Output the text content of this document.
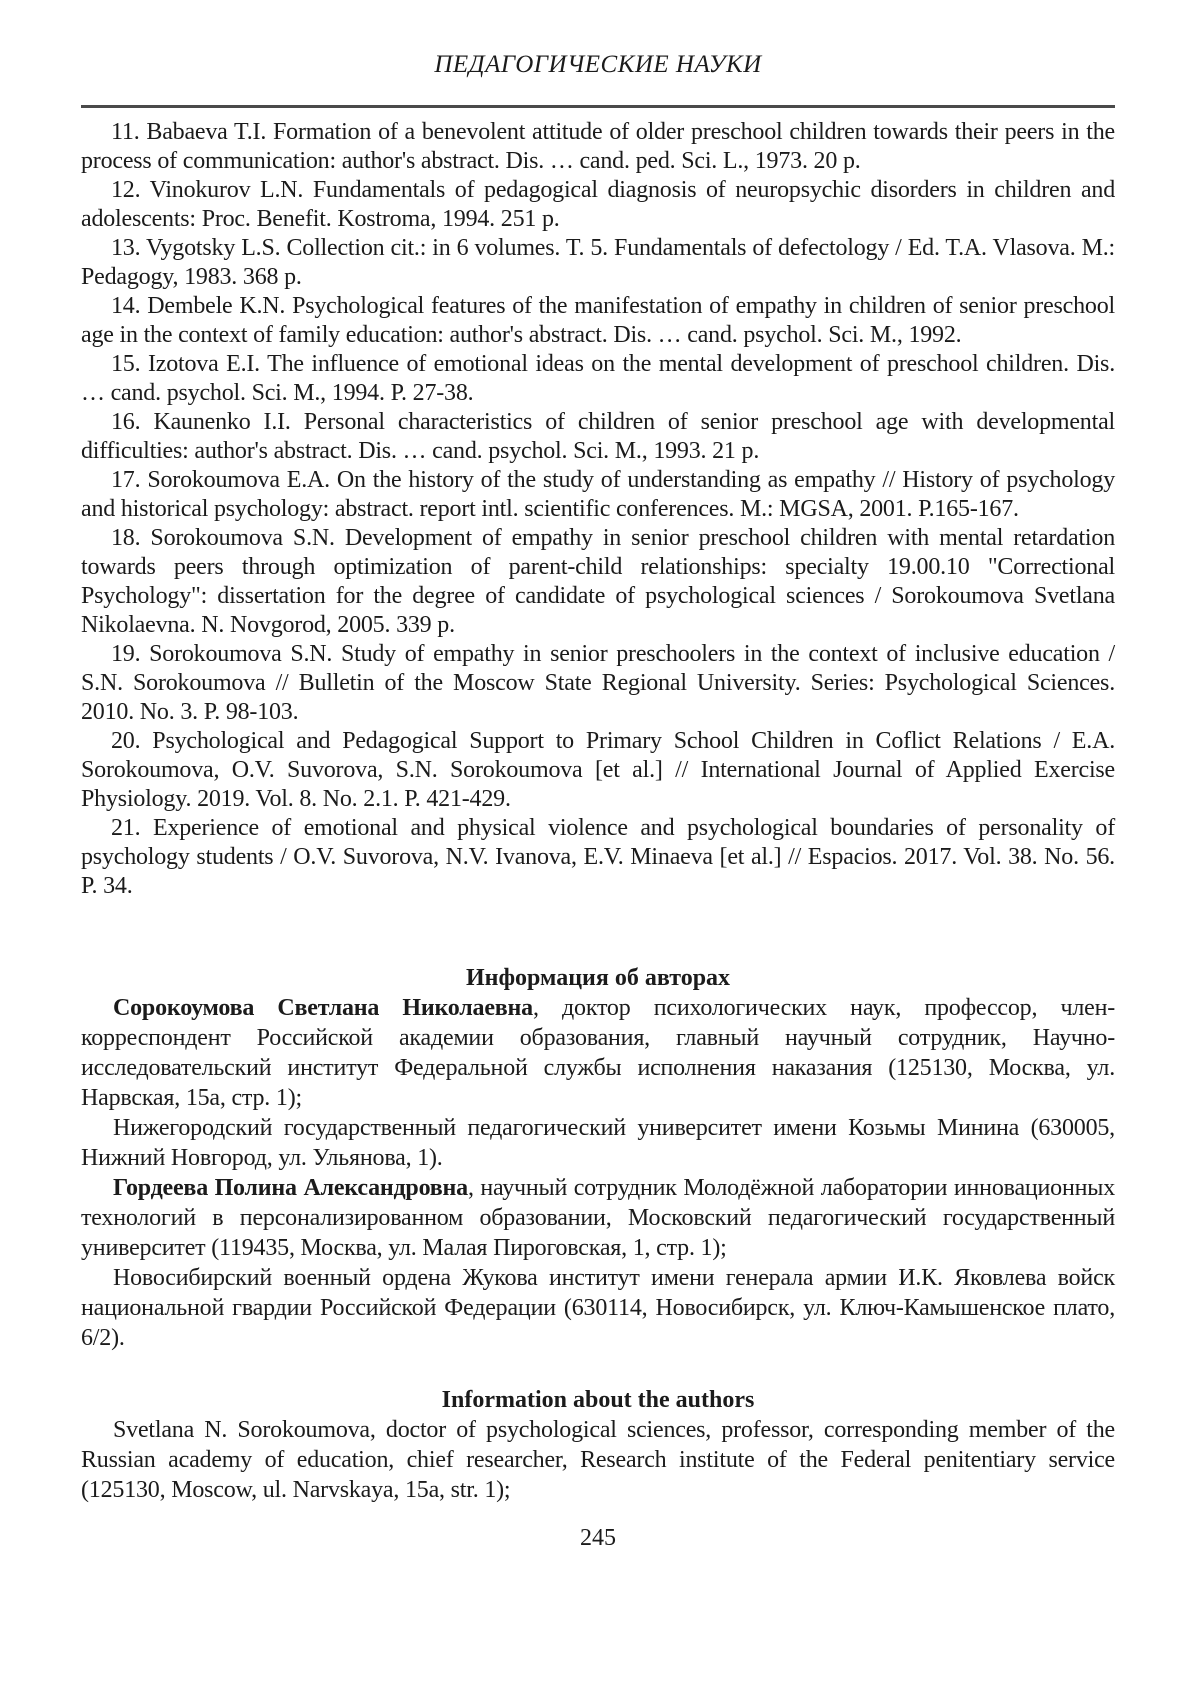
ПЕДАГОГИЧЕСКИЕ НАУКИ

11. Babaeva T.I. Formation of a benevolent attitude of older preschool children towards their peers in the process of communication: author's abstract. Dis. … cand. ped. Sci. L., 1973. 20 p.

12. Vinokurov L.N. Fundamentals of pedagogical diagnosis of neuropsychic disorders in children and adolescents: Proc. Benefit. Kostroma, 1994. 251 p.

13. Vygotsky L.S. Collection cit.: in 6 volumes. T. 5. Fundamentals of defectology / Ed. T.A. Vlasova. M.: Pedagogy, 1983. 368 p.

14. Dembele K.N. Psychological features of the manifestation of empathy in children of senior preschool age in the context of family education: author's abstract. Dis. … cand. psychol. Sci. M., 1992.

15. Izotova E.I. The influence of emotional ideas on the mental development of preschool children. Dis. … cand. psychol. Sci. M., 1994. P. 27-38.

16. Kaunenko I.I. Personal characteristics of children of senior preschool age with developmental difficulties: author's abstract. Dis. … cand. psychol. Sci. M., 1993. 21 p.

17. Sorokoumova E.A. On the history of the study of understanding as empathy // History of psychology and historical psychology: abstract. report intl. scientific conferences. M.: MGSA, 2001. P.165-167.

18. Sorokoumova S.N. Development of empathy in senior preschool children with mental retardation towards peers through optimization of parent-child relationships: specialty 19.00.10 "Correctional Psychology": dissertation for the degree of candidate of psychological sciences / Sorokoumova Svetlana Nikolaevna. N. Novgorod, 2005. 339 p.

19. Sorokoumova S.N. Study of empathy in senior preschoolers in the context of inclusive education / S.N. Sorokoumova // Bulletin of the Moscow State Regional University. Series: Psychological Sciences. 2010. No. 3. P. 98-103.

20. Psychological and Pedagogical Support to Primary School Children in Coflict Relations / E.A. Sorokoumova, O.V. Suvorova, S.N. Sorokoumova [et al.] // International Journal of Applied Exercise Physiology. 2019. Vol. 8. No. 2.1. P. 421-429.

21. Experience of emotional and physical violence and psychological boundaries of personality of psychology students / O.V. Suvorova, N.V. Ivanova, E.V. Minaeva [et al.] // Espacios. 2017. Vol. 38. No. 56. P. 34.

Информация об авторах

Сорокоумова Светлана Николаевна, доктор психологических наук, профессор, член-корреспондент Российской академии образования, главный научный сотрудник, Научно-исследовательский институт Федеральной службы исполнения наказания (125130, Москва, ул. Нарвская, 15а, стр. 1);

Нижегородский государственный педагогический университет имени Козьмы Минина (630005, Нижний Новгород, ул. Ульянова, 1).

Гордеева Полина Александровна, научный сотрудник Молодёжной лаборатории инновационных технологий в персонализированном образовании, Московский педагогический государственный университет (119435, Москва, ул. Малая Пироговская, 1, стр. 1);

Новосибирский военный ордена Жукова институт имени генерала армии И.К. Яковлева войск национальной гвардии Российской Федерации (630114, Новосибирск, ул. Ключ-Камышенское плато, 6/2).

Information about the authors

Svetlana N. Sorokoumova, doctor of psychological sciences, professor, corresponding member of the Russian academy of education, chief researcher, Research institute of the Federal penitentiary service (125130, Moscow, ul. Narvskaya, 15a, str. 1);

245
